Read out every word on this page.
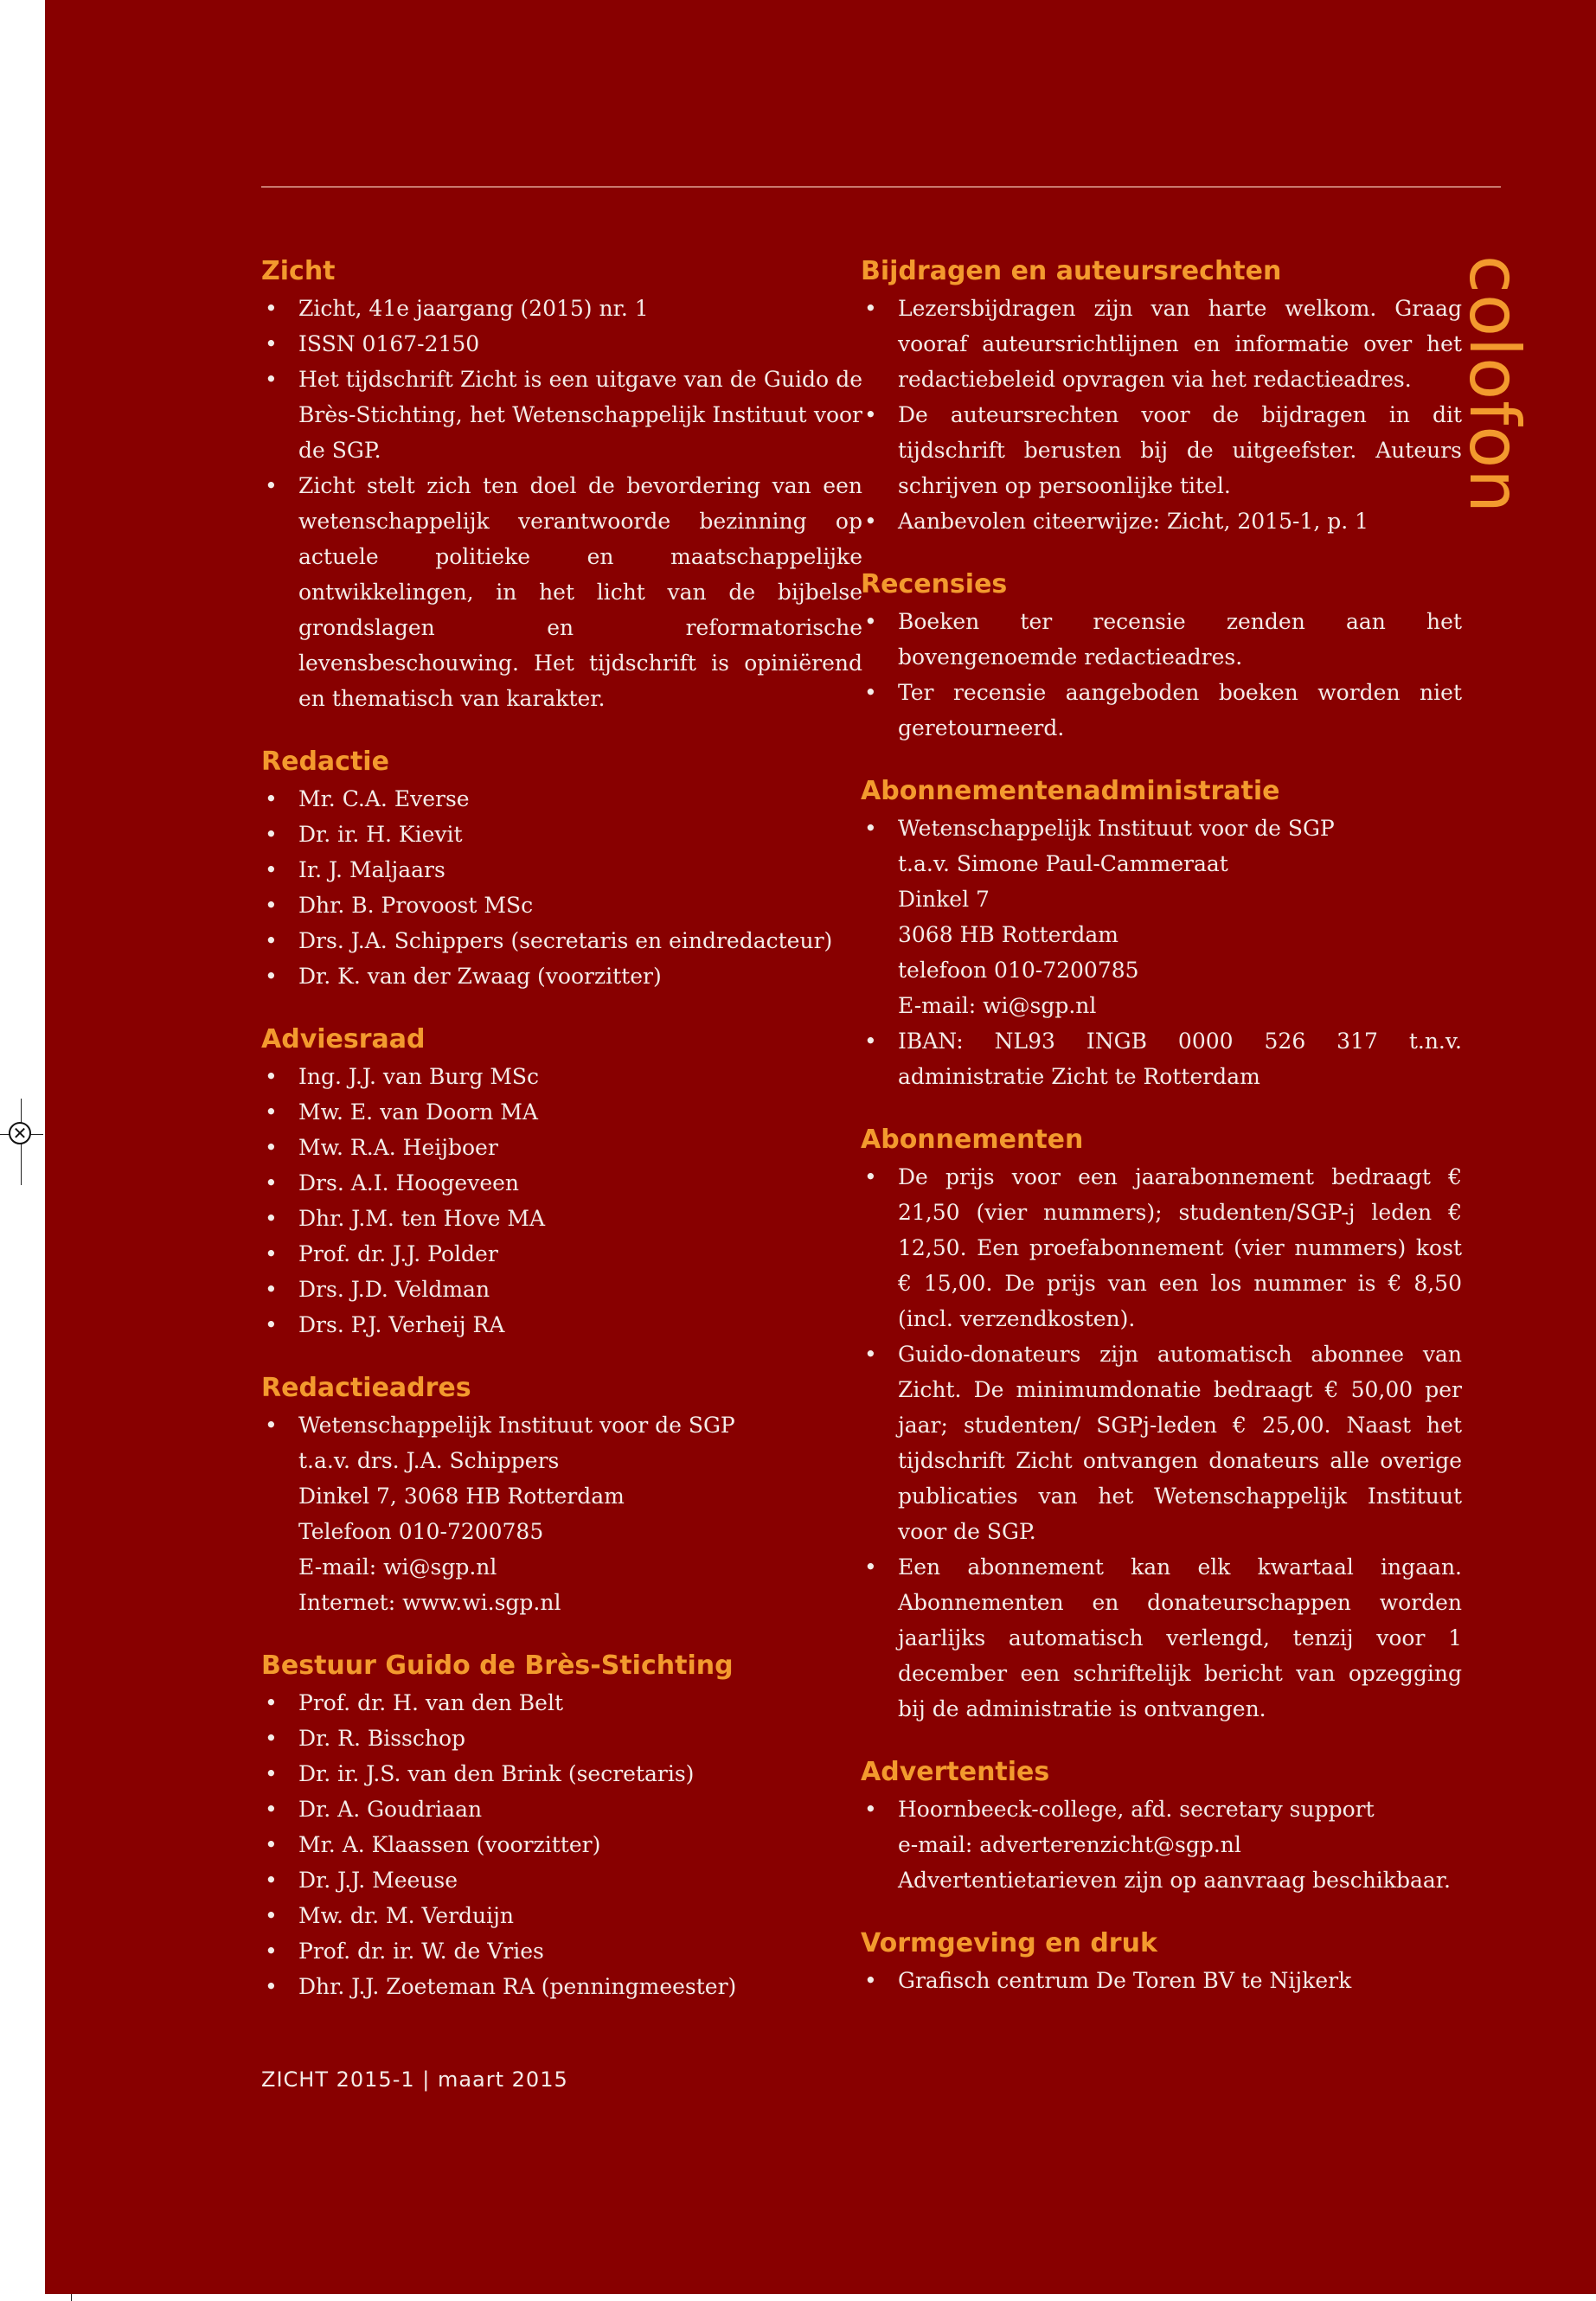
✕
colofon
Zicht
• Zicht, 41e jaargang (2015) nr. 1
• ISSN 0167-2150
• Het tijdschrift Zicht is een uitgave van de Guido de Brès-Stichting, het Wetenschappelijk Instituut voor de SGP.
• Zicht stelt zich ten doel de bevordering van een wetenschappelijk verantwoorde bezinning op actuele politieke en maatschappelijke ontwikkelingen, in het licht van de bijbelse grondslagen en reformatorische levensbeschouwing. Het tijdschrift is opiniërend en thematisch van karakter.
Redactie
• Mr. C.A. Everse
• Dr. ir. H. Kievit
• Ir. J. Maljaars
• Dhr. B. Provoost MSc
• Drs. J.A. Schippers (secretaris en eindredacteur)
• Dr. K. van der Zwaag (voorzitter)
Adviesraad
• Ing. J.J. van Burg MSc
• Mw. E. van Doorn MA
• Mw. R.A. Heijboer
• Drs. A.I. Hoogeveen
• Dhr. J.M. ten Hove MA
• Prof. dr. J.J. Polder
• Drs. J.D. Veldman
• Drs. P.J. Verheij RA
Redactieadres
• Wetenschappelijk Instituut voor de SGP
t.a.v. drs. J.A. Schippers
Dinkel 7, 3068 HB Rotterdam
Telefoon 010-7200785
E-mail: wi@sgp.nl
Internet: www.wi.sgp.nl
Bestuur Guido de Brès-Stichting
• Prof. dr. H. van den Belt
• Dr. R. Bisschop
• Dr. ir. J.S. van den Brink (secretaris)
• Dr. A. Goudriaan
• Mr. A. Klaassen (voorzitter)
• Dr. J.J. Meeuse
• Mw. dr. M. Verduijn
• Prof. dr. ir. W. de Vries
• Dhr. J.J. Zoeteman RA (penningmeester)
Bijdragen en auteursrechten
• Lezersbijdragen zijn van harte welkom. Graag vooraf auteursrichtlijnen en informatie over het redactiebeleid opvragen via het redactieadres.
• De auteursrechten voor de bijdragen in dit tijdschrift berusten bij de uitgeefster. Auteurs schrijven op persoonlijke titel.
• Aanbevolen citeerwijze: Zicht, 2015-1, p. 1
Recensies
• Boeken ter recensie zenden aan het bovengenoemde redactieadres.
• Ter recensie aangeboden boeken worden niet geretourneerd.
Abonnementenadministratie
• Wetenschappelijk Instituut voor de SGP
t.a.v. Simone Paul-Cammeraat
Dinkel 7
3068 HB Rotterdam
telefoon 010-7200785
E-mail: wi@sgp.nl
• IBAN: NL93 INGB 0000 526 317 t.n.v. administratie Zicht te Rotterdam
Abonnementen
• De prijs voor een jaarabonnement bedraagt € 21,50 (vier nummers); studenten/SGP-j leden € 12,50. Een proefabonnement (vier nummers) kost € 15,00. De prijs van een los nummer is € 8,50 (incl. verzendkosten).
• Guido-donateurs zijn automatisch abonnee van Zicht. De minimumdonatie bedraagt € 50,00 per jaar; studenten/ SGPj-leden € 25,00. Naast het tijdschrift Zicht ontvangen donateurs alle overige publicaties van het Wetenschappelijk Instituut voor de SGP.
• Een abonnement kan elk kwartaal ingaan. Abonnementen en donateurschappen worden jaarlijks automatisch verlengd, tenzij voor 1 december een schriftelijk bericht van opzegging bij de administratie is ontvangen.
Advertenties
• Hoornbeeck-college, afd. secretary support
e-mail: adverterenzicht@sgp.nl
Advertentietarieven zijn op aanvraag beschikbaar.
Vormgeving en druk
• Grafisch centrum De Toren BV te Nijkerk
ZICHT 2015-1 | maart 2015
